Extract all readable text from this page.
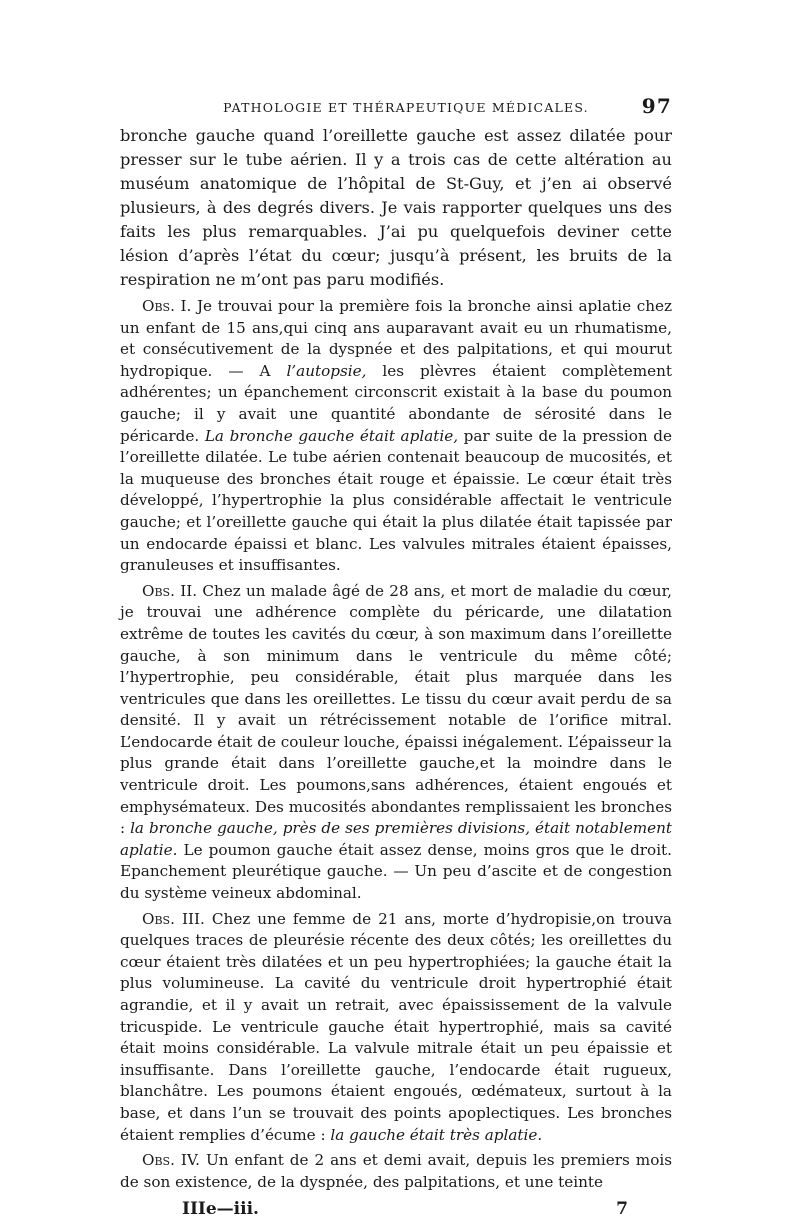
PATHOLOGIE ET THÉRAPEUTIQUE MÉDICALES.	97

bronche gauche quand l’oreillette gauche est assez dilatée pour presser sur le tube aérien. Il y a trois cas de cette altération au muséum anatomique de l’hôpital de St-Guy, et j’en ai observé plusieurs, à des degrés divers. Je vais rapporter quelques uns des faits les plus remarquables. J’ai pu quelquefois deviner cette lésion d’après l’état du cœur; jusqu’à présent, les bruits de la respiration ne m’ont pas paru modifiés.

Obs. I. Je trouvai pour la première fois la bronche ainsi aplatie chez un enfant de 15 ans,qui cinq ans auparavant avait eu un rhumatisme, et consécutivement de la dyspnée et des palpitations, et qui mourut hydropique. — A l’autopsie, les plèvres étaient complètement adhérentes; un épanchement circonscrit existait à la base du poumon gauche; il y avait une quantité abondante de sérosité dans le péricarde. La bronche gauche était aplatie, par suite de la pression de l’oreillette dilatée. Le tube aérien contenait beaucoup de mucosités, et la muqueuse des bronches était rouge et épaissie. Le cœur était très développé, l’hypertrophie la plus considérable affectait le ventricule gauche; et l’oreillette gauche qui était la plus dilatée était tapissée par un endocarde épaissi et blanc. Les valvules mitrales étaient épaisses, granuleuses et insuffisantes.

Obs. II. Chez un malade âgé de 28 ans, et mort de maladie du cœur, je trouvai une adhérence complète du péricarde, une dilatation extrême de toutes les cavités du cœur, à son maximum dans l’oreillette gauche, à son minimum dans le ventricule du même côté; l’hypertrophie, peu considérable, était plus marquée dans les ventricules que dans les oreillettes. Le tissu du cœur avait perdu de sa densité. Il y avait un rétrécissement notable de l’orifice mitral. L’endocarde était de couleur louche, épaissi inégalement. L’épaisseur la plus grande était dans l’oreillette gauche,et la moindre dans le ventricule droit. Les poumons,sans adhérences, étaient engoués et emphysémateux. Des mucosités abondantes remplissaient les bronches : la bronche gauche, près de ses premières divisions, était notablement aplatie. Le poumon gauche était assez dense, moins gros que le droit. Epanchement pleurétique gauche. — Un peu d’ascite et de congestion du système veineux abdominal.

Obs. III. Chez une femme de 21 ans, morte d’hydropisie,on trouva quelques traces de pleurésie récente des deux côtés; les oreillettes du cœur étaient très dilatées et un peu hypertrophiées; la gauche était la plus volumineuse. La cavité du ventricule droit hypertrophié était agrandie, et il y avait un retrait, avec épaississement de la valvule tricuspide. Le ventricule gauche était hypertrophié, mais sa cavité était moins considérable. La valvule mitrale était un peu épaissie et insuffisante. Dans l’oreillette gauche, l’endocarde était rugueux, blanchâtre. Les poumons étaient engoués, œdémateux, surtout à la base, et dans l’un se trouvait des points apoplectiques. Les bronches étaient remplies d’écume : la gauche était très aplatie.

Obs. IV. Un enfant de 2 ans et demi avait, depuis les premiers mois de son existence, de la dyspnée, des palpitations, et une teinte

IIIe—iii.	7
